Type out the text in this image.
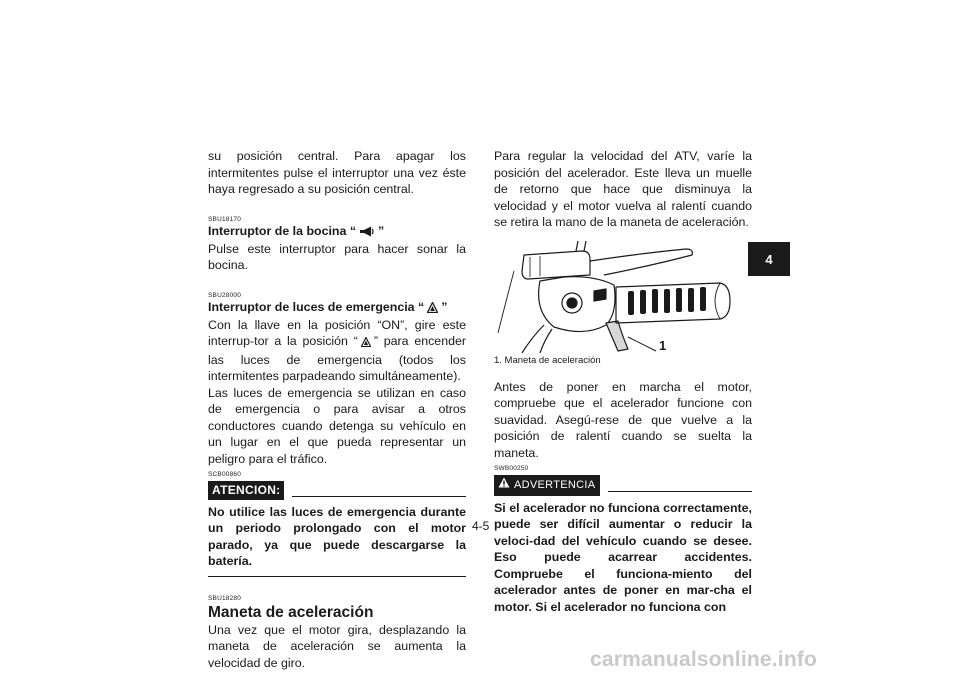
su posición central. Para apagar los intermitentes pulse el interruptor una vez éste haya regresado a su posición central.

SBU18170
Interruptor de la bocina “ ”

Pulse este interruptor para hacer sonar la bocina.

SBU28000
Interruptor de luces de emergencia “ ”

Con la llave en la posición “ON”, gire este interrup-tor a la posición “ ” para encender las luces de emergencia (todos los intermitentes parpadeando simultáneamente).

Las luces de emergencia se utilizan en caso de emergencia o para avisar a otros conductores cuando detenga su vehículo en un lugar en el que pueda representar un peligro para el tráfico.

SCB00860
ATENCION:

No utilice las luces de emergencia durante un periodo prolongado con el motor parado, ya que puede descargarse la batería.

SBU18280
Maneta de aceleración

Una vez que el motor gira, desplazando la maneta de aceleración se aumenta la velocidad de giro.

Para regular la velocidad del ATV, varíe la posición del acelerador. Este lleva un muelle de retorno que hace que disminuya la velocidad y el motor vuelva al ralentí cuando se retira la mano de la maneta de aceleración.

1
1. Maneta de aceleración

Antes de poner en marcha el motor, compruebe que el acelerador funcione con suavidad. Asegú-rese de que vuelve a la posición de ralentí cuando se suelta la maneta.

SWB00250
ADVERTENCIA

Si el acelerador no funciona correctamente, puede ser difícil aumentar o reducir la veloci-dad del vehículo cuando se desee. Eso puede acarrear accidentes. Compruebe el funciona-miento del acelerador antes de poner en mar-cha el motor. Si el acelerador no funciona con

4-5
4
carmanualsonline.info
